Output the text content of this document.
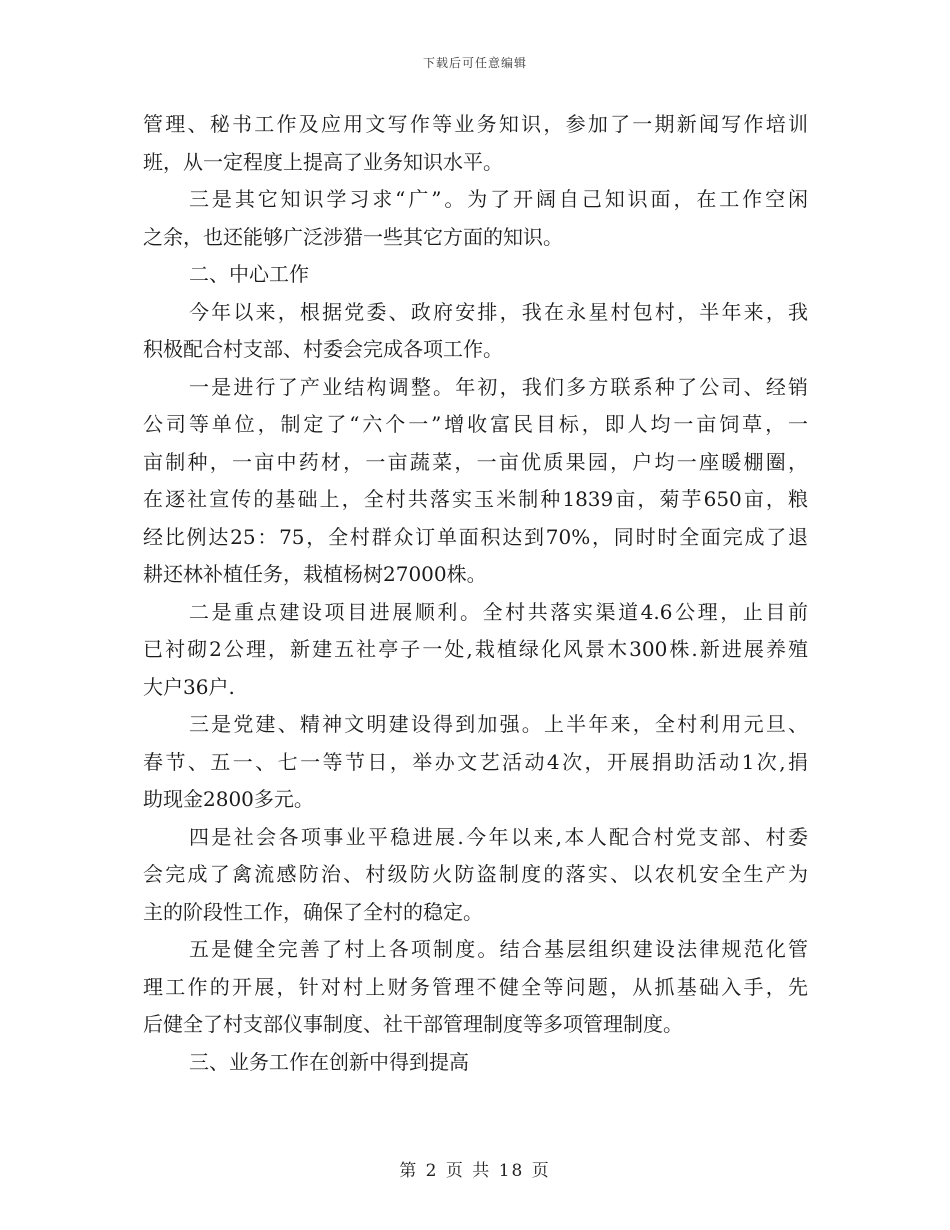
下载后可任意编辑
管理、秘书工作及应用文写作等业务知识，参加了一期新闻写作培训
班，从一定程度上提高了业务知识水平。
三是其它知识学习求“广”。为了开阔自己知识面，在工作空闲
之余，也还能够广泛涉猎一些其它方面的知识。
二、中心工作
今年以来，根据党委、政府安排，我在永星村包村，半年来，我
积极配合村支部、村委会完成各项工作。
一是进行了产业结构调整。年初，我们多方联系种了公司、经销
公司等单位，制定了“六个一”增收富民目标，即人均一亩饲草，一
亩制种，一亩中药材，一亩蔬菜，一亩优质果园，户均一座暖棚圈，
在逐社宣传的基础上，全村共落实玉米制种1839亩，菊芋650亩，粮
经比例达25：75，全村群众订单面积达到70%，同时时全面完成了退
耕还林补植任务，栽植杨树27000株。
二是重点建设项目进展顺利。全村共落实渠道4.6公理，止目前
已衬砌2公理，新建五社亭子一处,栽植绿化风景木300株.新进展养殖
大户36户.
三是党建、精神文明建设得到加强。上半年来，全村利用元旦、
春节、五一、七一等节日，举办文艺活动4次，开展捐助活动1次,捐
助现金2800多元。
四是社会各项事业平稳进展.今年以来,本人配合村党支部、村委
会完成了禽流感防治、村级防火防盗制度的落实、以农机安全生产为
主的阶段性工作，确保了全村的稳定。
五是健全完善了村上各项制度。结合基层组织建设法律规范化管
理工作的开展，针对村上财务管理不健全等问题，从抓基础入手，先
后健全了村支部仪事制度、社干部管理制度等多项管理制度。
三、业务工作在创新中得到提高
第 2 页 共 18 页
